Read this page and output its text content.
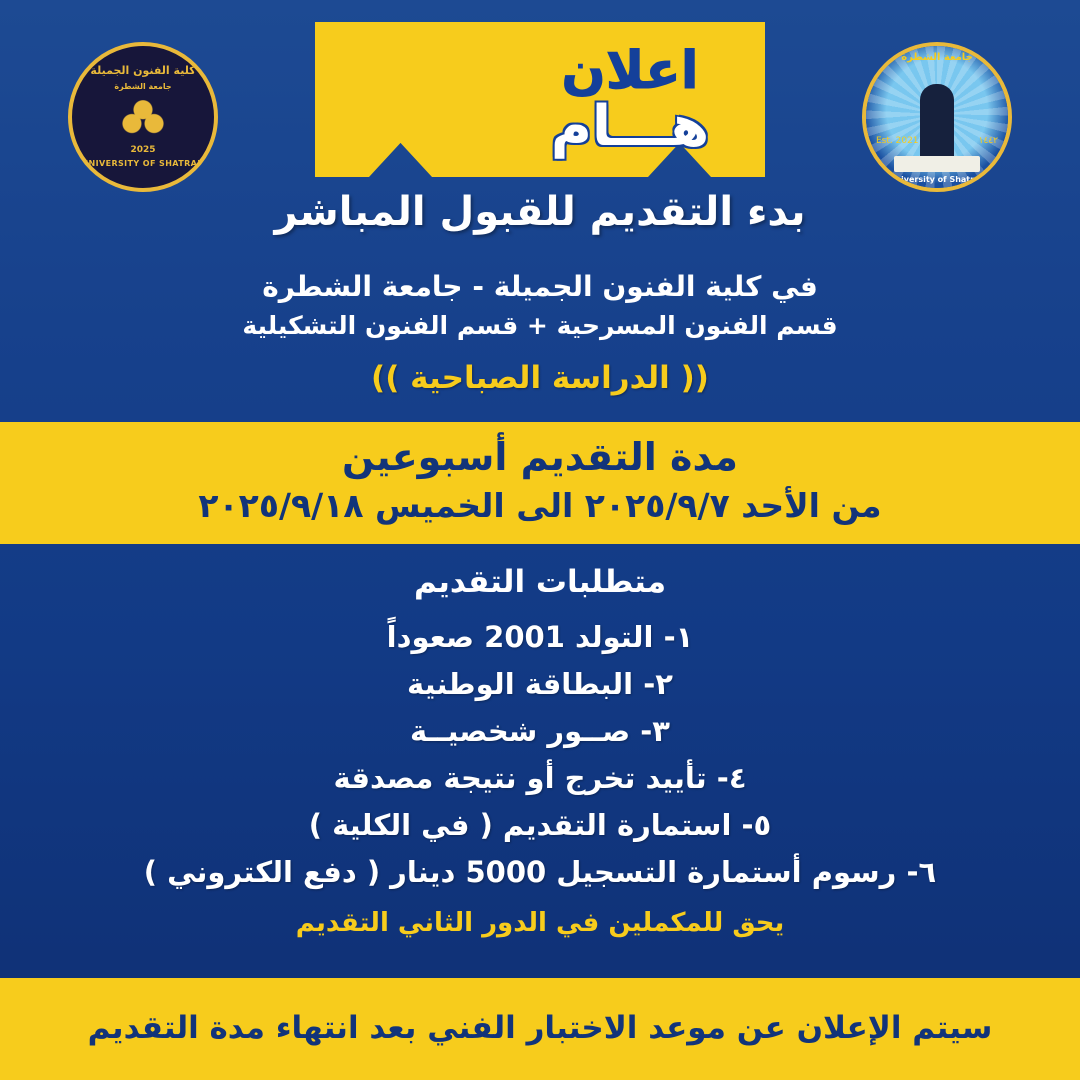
كلية الفنون الجميلة
جامعة الشطرة
2025
UNIVERSITY OF SHATRAH
اعلان
هـــام
جامعة الشطرة
Est. 2021	١٤٤٢
University of Shatrah
بدء التقديم للقبول المباشر
في كلية الفنون الجميلة - جامعة الشطرة
قسم الفنون المسرحية + قسم الفنون التشكيلية
(( الدراسة الصباحية ))
مدة التقديم أسبوعين
من الأحد ٢٠٢٥/٩/٧ الى الخميس ٢٠٢٥/٩/١٨
متطلبات التقديم
١- التولد 2001 صعوداً
٢- البطاقة الوطنية
٣- صــور شخصيــة
٤- تأييد تخرج أو نتيجة مصدقة
٥- استمارة التقديم ( في الكلية )
٦- رسوم أستمارة التسجيل 5000 دينار ( دفع الكتروني )
يحق للمكملين في الدور الثاني التقديم
سيتم الإعلان عن موعد الاختبار الفني بعد انتهاء مدة التقديم
